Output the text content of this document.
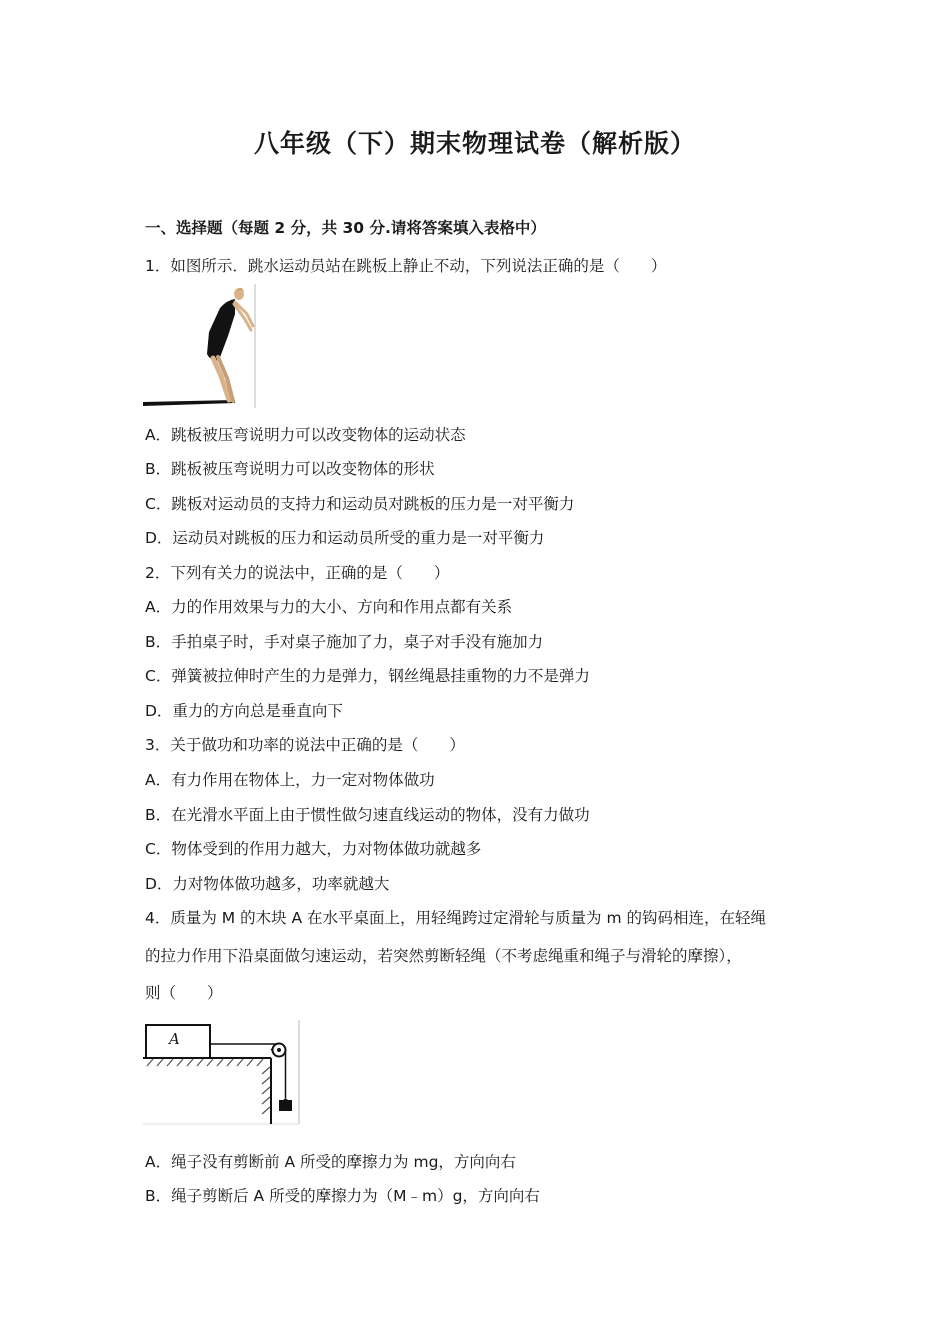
八年级（下）期末物理试卷（解析版）
一、选择题（每题 2 分，共 30 分.请将答案填入表格中）
1．如图所示．跳水运动员站在跳板上静止不动，下列说法正确的是（　　）
A．跳板被压弯说明力可以改变物体的运动状态
B．跳板被压弯说明力可以改变物体的形状
C．跳板对运动员的支持力和运动员对跳板的压力是一对平衡力
D．运动员对跳板的压力和运动员所受的重力是一对平衡力
2．下列有关力的说法中，正确的是（　　）
A．力的作用效果与力的大小、方向和作用点都有关系
B．手拍桌子时，手对桌子施加了力，桌子对手没有施加力
C．弹簧被拉伸时产生的力是弹力，钢丝绳悬挂重物的力不是弹力
D．重力的方向总是垂直向下
3．关于做功和功率的说法中正确的是（　　）
A．有力作用在物体上，力一定对物体做功
B．在光滑水平面上由于惯性做匀速直线运动的物体，没有力做功
C．物体受到的作用力越大，力对物体做功就越多
D．力对物体做功越多，功率就越大
4．质量为 M 的木块 A 在水平桌面上，用轻绳跨过定滑轮与质量为 m 的钩码相连，在轻绳
的拉力作用下沿桌面做匀速运动，若突然剪断轻绳（不考虑绳重和绳子与滑轮的摩擦），
则（　　）
A
A．绳子没有剪断前 A 所受的摩擦力为 mg，方向向右
B．绳子剪断后 A 所受的摩擦力为（M﹣m）g，方向向右
